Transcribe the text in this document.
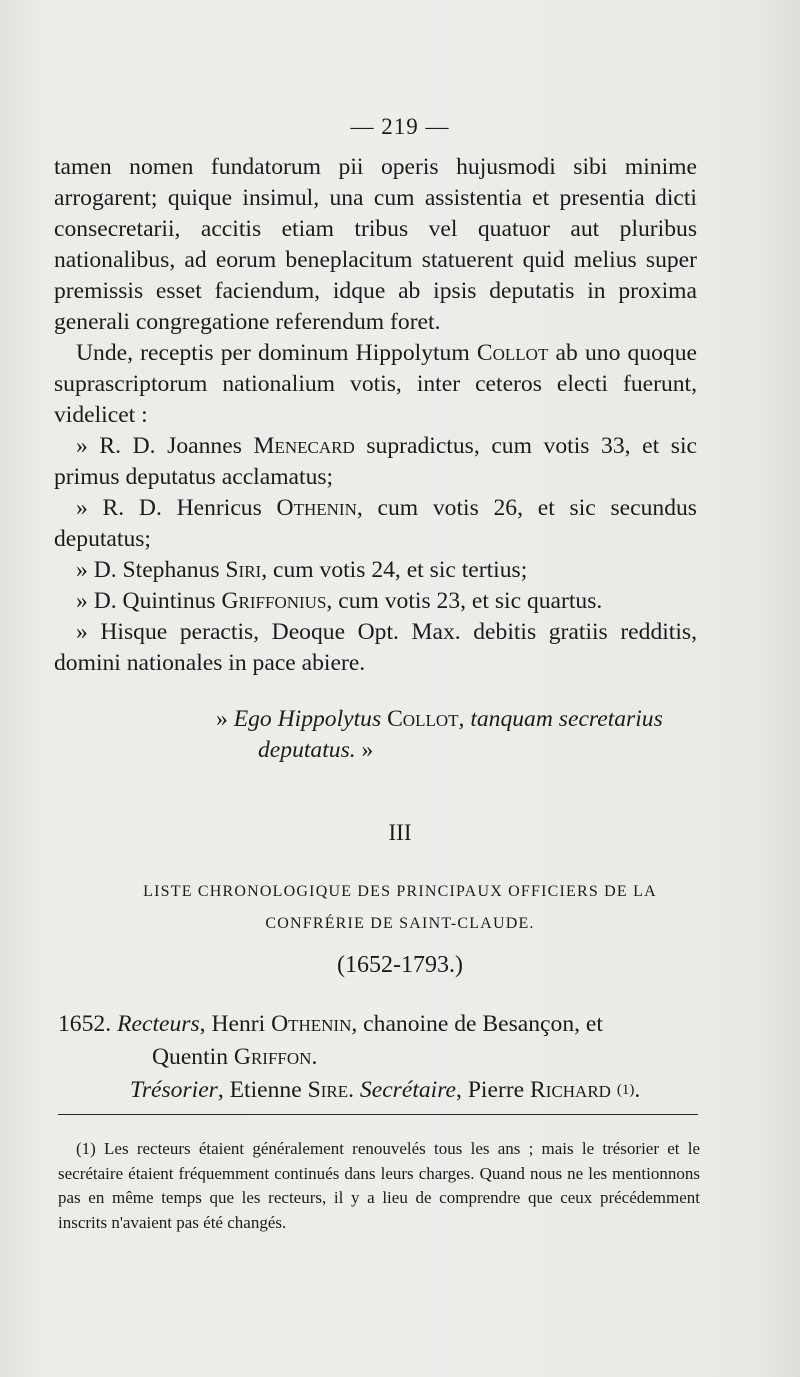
— 219 —

tamen nomen fundatorum pii operis hujusmodi sibi minime arrogarent; quique insimul, una cum assistentia et presentia dicti consecretarii, accitis etiam tribus vel quatuor aut pluribus nationalibus, ad eorum beneplacitum statuerent quid melius super premissis esset faciendum, idque ab ipsis deputatis in proxima generali congregatione referendum foret.

Unde, receptis per dominum Hippolytum Collot ab uno quoque suprascriptorum nationalium votis, inter ceteros electi fuerunt, videlicet :

» R. D. Joannes Menecard supradictus, cum votis 33, et sic primus deputatus acclamatus;

» R. D. Henricus Othenin, cum votis 26, et sic secundus deputatus;

» D. Stephanus Siri, cum votis 24, et sic tertius;

» D. Quintinus Griffonius, cum votis 23, et sic quartus.

» Hisque peractis, Deoque Opt. Max. debitis gratiis redditis, domini nationales in pace abiere.

» Ego Hippolytus Collot, tanquam secretarius
deputatus. »
III
LISTE CHRONOLOGIQUE DES PRINCIPAUX OFFICIERS DE LA
CONFRÉRIE DE SAINT-CLAUDE.
(1652-1793.)
1652. Recteurs, Henri Othenin, chanoine de Besançon, et
Quentin Griffon.
Trésorier, Etienne Sire. Secrétaire, Pierre Richard $^{(1)}$.

(1) Les recteurs étaient généralement renouvelés tous les ans ; mais le trésorier et le secrétaire étaient fréquemment continués dans leurs charges. Quand nous ne les mentionnons pas en même temps que les recteurs, il y a lieu de comprendre que ceux précédemment inscrits n'avaient pas été changés.
